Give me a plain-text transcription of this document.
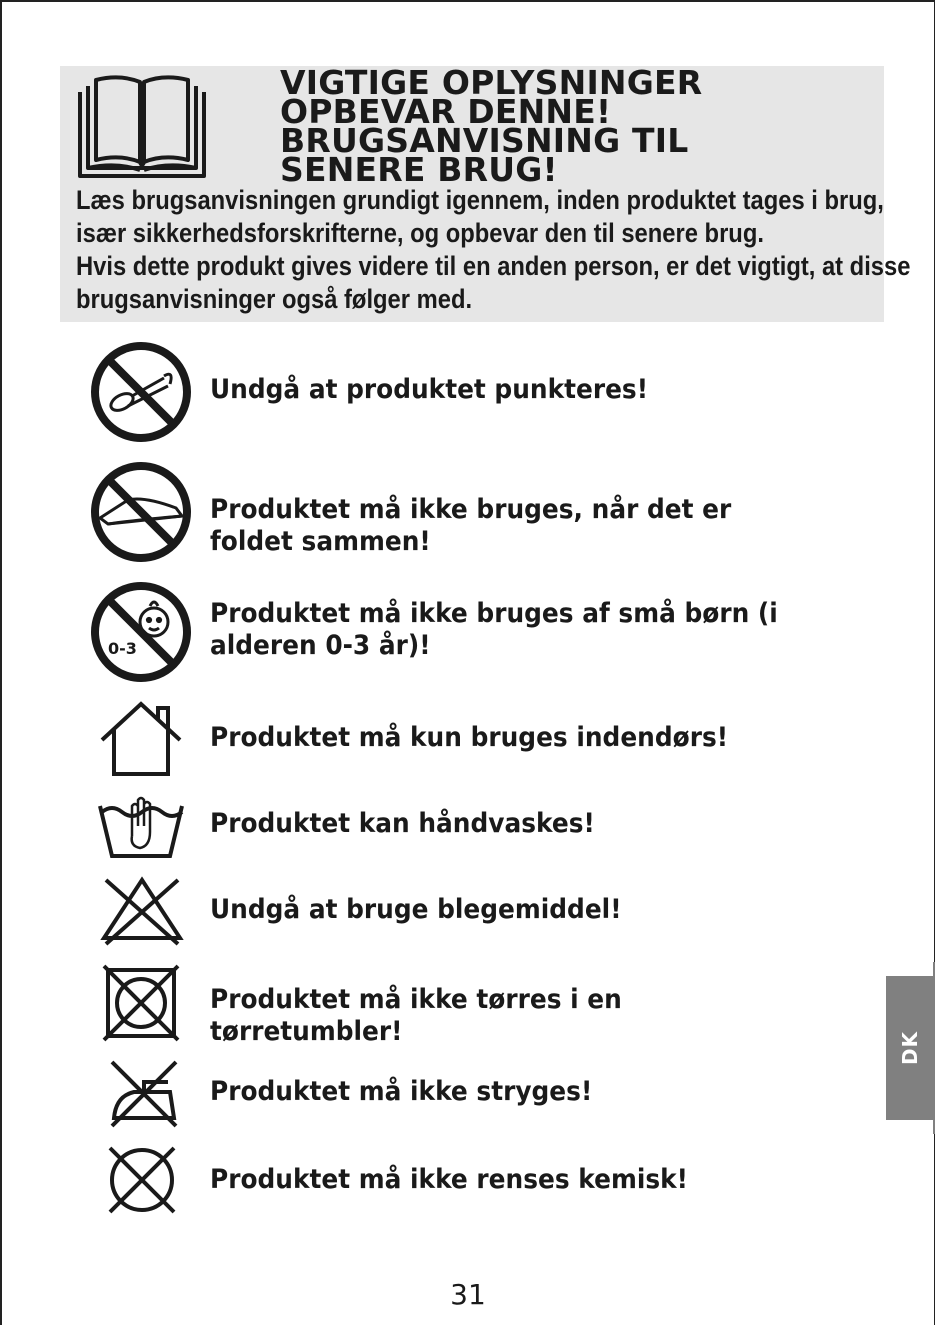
VIGTIGE OPLYSNINGER
OPBEVAR DENNE!
BRUGSANVISNING TIL
SENERE BRUG!

Læs brugsanvisningen grundigt igennem, inden produktet tages i brug,

især sikkerhedsforskrifterne, og opbevar den til senere brug.

Hvis dette produkt gives videre til en anden person, er det vigtigt, at disse

brugsanvisninger også følger med.

Undgå at produktet punkteres!
Produktet må ikke bruges, når det er foldet sammen!
0-3
Produktet må ikke bruges af små børn (i alderen 0-3 år)!
Produktet må kun bruges indendørs!
Produktet kan håndvaskes!
Undgå at bruge blegemiddel!
Produktet må ikke tørres i en tørretumbler!
Produktet må ikke stryges!
Produktet må ikke renses kemisk!
DK
31
